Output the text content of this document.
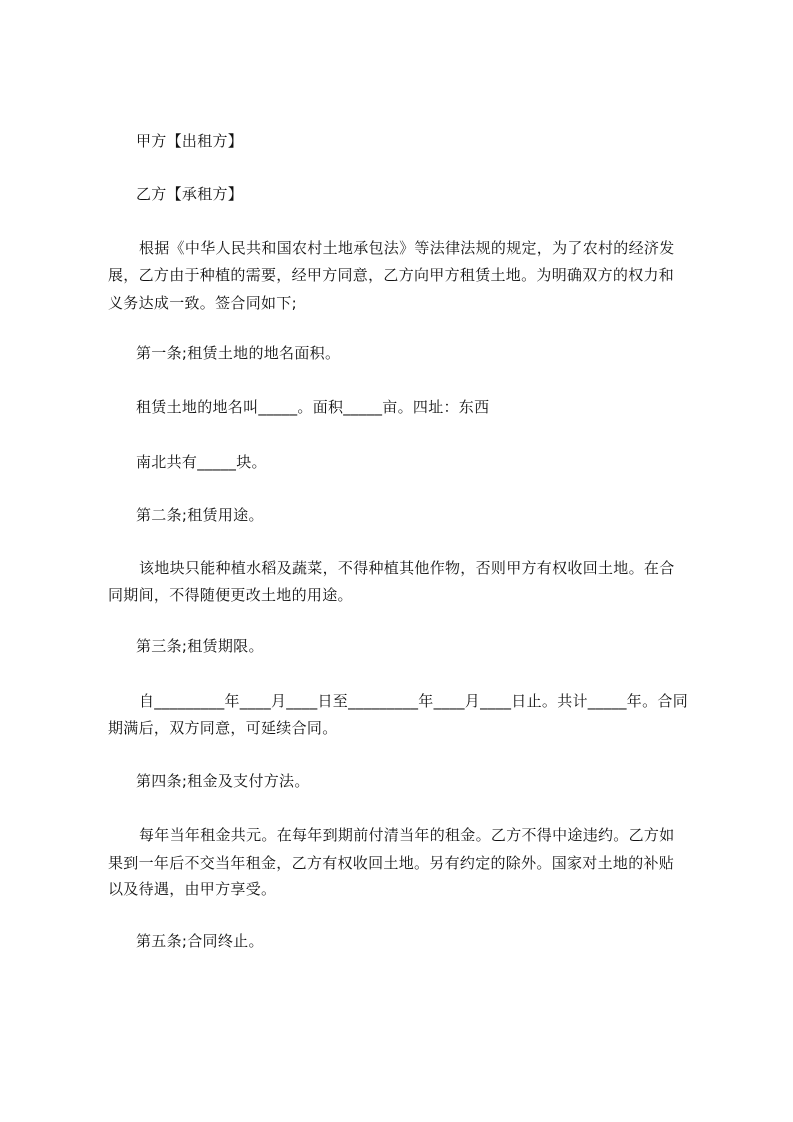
甲方【出租方】
乙方【承租方】
根据《中华人民共和国农村土地承包法》等法律法规的规定，为了农村的经济发
展，乙方由于种植的需要，经甲方同意，乙方向甲方租赁土地。为明确双方的权力和
义务达成一致。签合同如下;
第一条;租赁土地的地名面积。
租赁土地的地名叫_____。面积_____亩。四址：东西
南北共有_____块。
第二条;租赁用途。
该地块只能种植水稻及蔬菜，不得种植其他作物，否则甲方有权收回土地。在合
同期间，不得随便更改土地的用途。
第三条;租赁期限。
自_________年____月____日至_________年____月____日止。共计_____年。合同
期满后，双方同意，可延续合同。
第四条;租金及支付方法。
每年当年租金共元。在每年到期前付清当年的租金。乙方不得中途违约。乙方如
果到一年后不交当年租金，乙方有权收回土地。另有约定的除外。国家对土地的补贴
以及待遇，由甲方享受。
第五条;合同终止。
